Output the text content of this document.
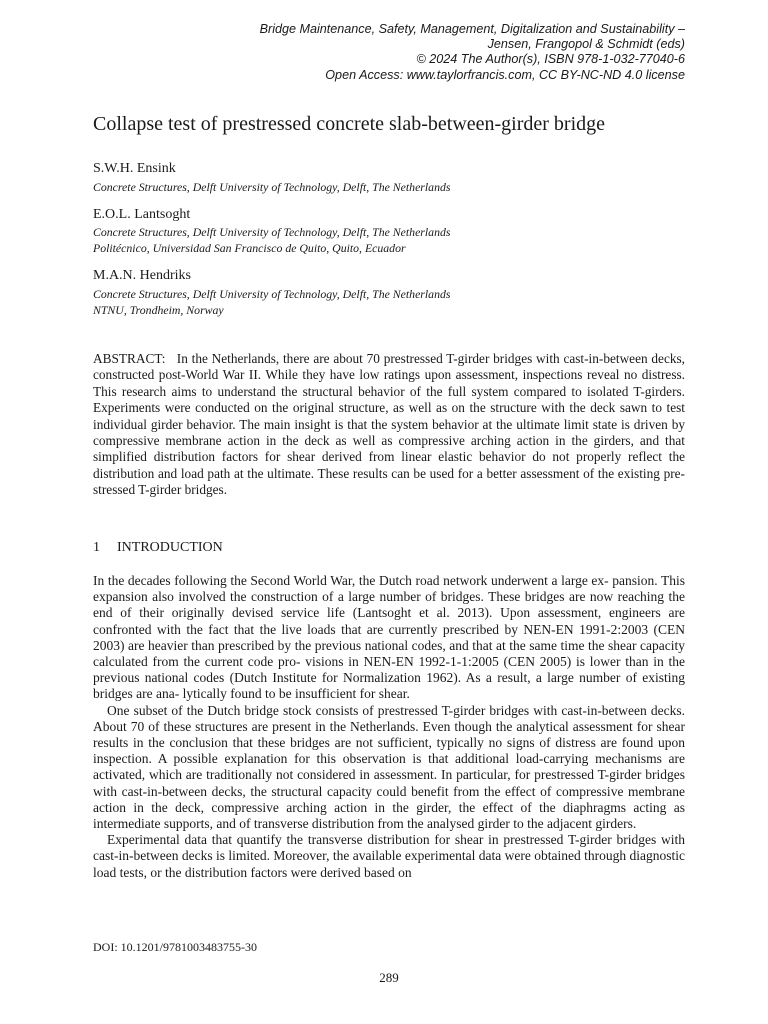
Bridge Maintenance, Safety, Management, Digitalization and Sustainability –
Jensen, Frangopol & Schmidt (eds)
© 2024 The Author(s), ISBN 978-1-032-77040-6
Open Access: www.taylorfrancis.com, CC BY-NC-ND 4.0 license
Collapse test of prestressed concrete slab-between-girder bridge
S.W.H. Ensink
Concrete Structures, Delft University of Technology, Delft, The Netherlands
E.O.L. Lantsoght
Concrete Structures, Delft University of Technology, Delft, The Netherlands
Politécnico, Universidad San Francisco de Quito, Quito, Ecuador
M.A.N. Hendriks
Concrete Structures, Delft University of Technology, Delft, The Netherlands
NTNU, Trondheim, Norway
ABSTRACT: In the Netherlands, there are about 70 prestressed T-girder bridges with cast-in-between decks, constructed post-World War II. While they have low ratings upon assessment, inspections reveal no distress. This research aims to understand the structural behavior of the full system compared to isolated T-girders. Experiments were conducted on the original structure, as well as on the structure with the deck sawn to test individual girder behavior. The main insight is that the system behavior at the ultimate limit state is driven by compressive membrane action in the deck as well as compressive arching action in the girders, and that simplified distribution factors for shear derived from linear elastic behavior do not properly reflect the distribution and load path at the ultimate. These results can be used for a better assessment of the existing pre- stressed T-girder bridges.
1 INTRODUCTION

In the decades following the Second World War, the Dutch road network underwent a large ex- pansion. This expansion also involved the construction of a large number of bridges. These bridges are now reaching the end of their originally devised service life (Lantsoght et al. 2013). Upon assessment, engineers are confronted with the fact that the live loads that are currently prescribed by NEN-EN 1991-2:2003 (CEN 2003) are heavier than prescribed by the previous national codes, and that at the same time the shear capacity calculated from the current code pro- visions in NEN-EN 1992-1-1:2005 (CEN 2005) is lower than in the previous national codes (Dutch Institute for Normalization 1962). As a result, a large number of existing bridges are ana- lytically found to be insufficient for shear.

One subset of the Dutch bridge stock consists of prestressed T-girder bridges with cast-in-between decks. About 70 of these structures are present in the Netherlands. Even though the analytical assessment for shear results in the conclusion that these bridges are not sufficient, typically no signs of distress are found upon inspection. A possible explanation for this observation is that additional load-carrying mechanisms are activated, which are traditionally not considered in assessment. In particular, for prestressed T-girder bridges with cast-in-between decks, the structural capacity could benefit from the effect of compressive membrane action in the deck, compressive arching action in the girder, the effect of the diaphragms acting as intermediate supports, and of transverse distribution from the analysed girder to the adjacent girders.

Experimental data that quantify the transverse distribution for shear in prestressed T-girder bridges with cast-in-between decks is limited. Moreover, the available experimental data were obtained through diagnostic load tests, or the distribution factors were derived based on

DOI: 10.1201/9781003483755-30
289
